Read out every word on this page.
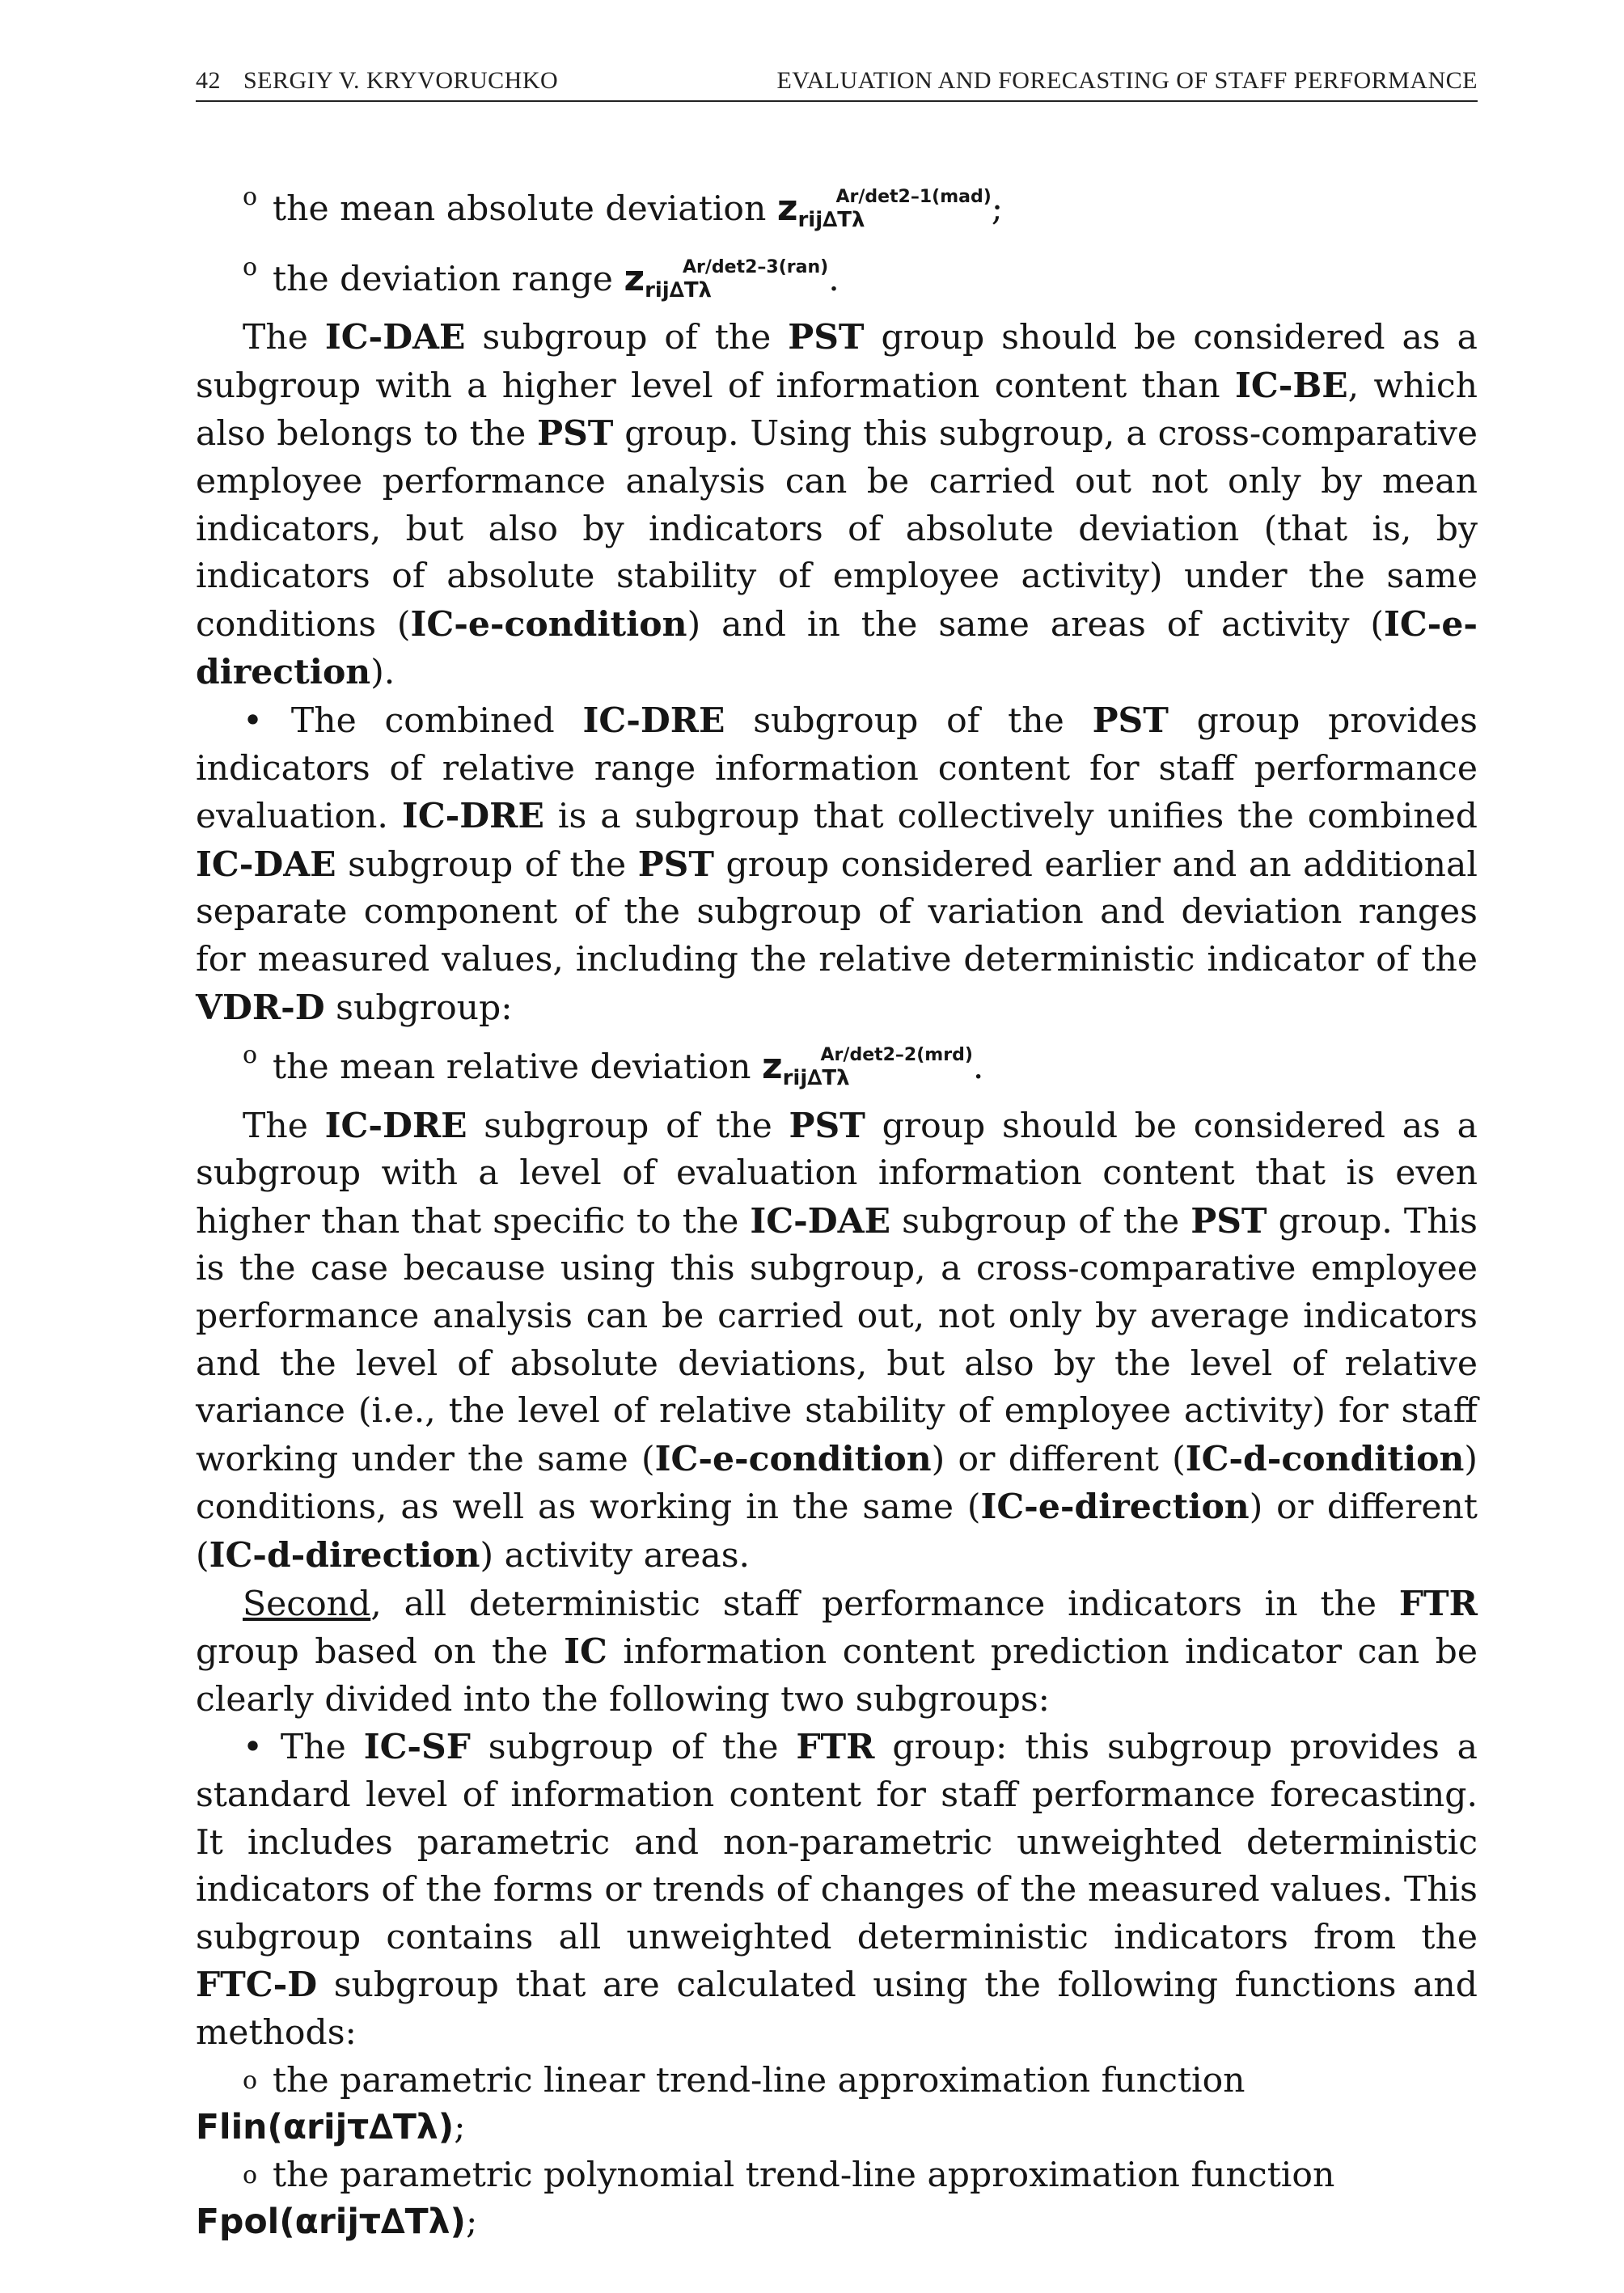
42 SERGIY V. KRYVORUCHKO	EVALUATION AND FORECASTING OF STAFF PERFORMANCE
o the mean absolute deviation $z_{rij\Delta T\lambda}^{Ar/det2-1(mad)}$;
o the deviation range $z_{rij\Delta T\lambda}^{Ar/det2-3(ran)}$.

The IC-DAE subgroup of the PST group should be considered as a subgroup with a higher level of information content than IC-BE, which also belongs to the PST group. Using this subgroup, a cross-comparative employee performance analysis can be carried out not only by mean indicators, but also by indicators of absolute deviation (that is, by indicators of absolute stability of employee activity) under the same conditions (IC-e-condition) and in the same areas of activity (IC-e-direction).

• The combined IC-DRE subgroup of the PST group provides indicators of relative range information content for staff performance evaluation. IC-DRE is a subgroup that collectively unifies the combined IC-DAE subgroup of the PST group considered earlier and an additional separate component of the subgroup of variation and deviation ranges for measured values, including the relative deterministic indicator of the VDR-D subgroup:

o the mean relative deviation $z_{rij\Delta T\lambda}^{Ar/det2-2(mrd)}$.

The IC-DRE subgroup of the PST group should be considered as a subgroup with a level of evaluation information content that is even higher than that specific to the IC-DAE subgroup of the PST group. This is the case because using this subgroup, a cross-comparative employee performance analysis can be carried out, not only by average indicators and the level of absolute deviations, but also by the level of relative variance (i.e., the level of relative stability of employee activity) for staff working under the same (IC-e-condition) or different (IC-d-condition) conditions, as well as working in the same (IC-e-direction) or different (IC-d-direction) activity areas.

Second, all deterministic staff performance indicators in the FTR group based on the IC information content prediction indicator can be clearly divided into the following two subgroups:

• The IC-SF subgroup of the FTR group: this subgroup provides a standard level of information content for staff performance forecasting. It includes parametric and non-parametric unweighted deterministic indicators of the forms or trends of changes of the measured values. This subgroup contains all unweighted deterministic indicators from the FTC-D subgroup that are calculated using the following functions and methods:

o the parametric linear trend-line approximation function

Flin(αrijτ∆Tλ);

o the parametric polynomial trend-line approximation function

Fpol(αrijτ∆Tλ);
